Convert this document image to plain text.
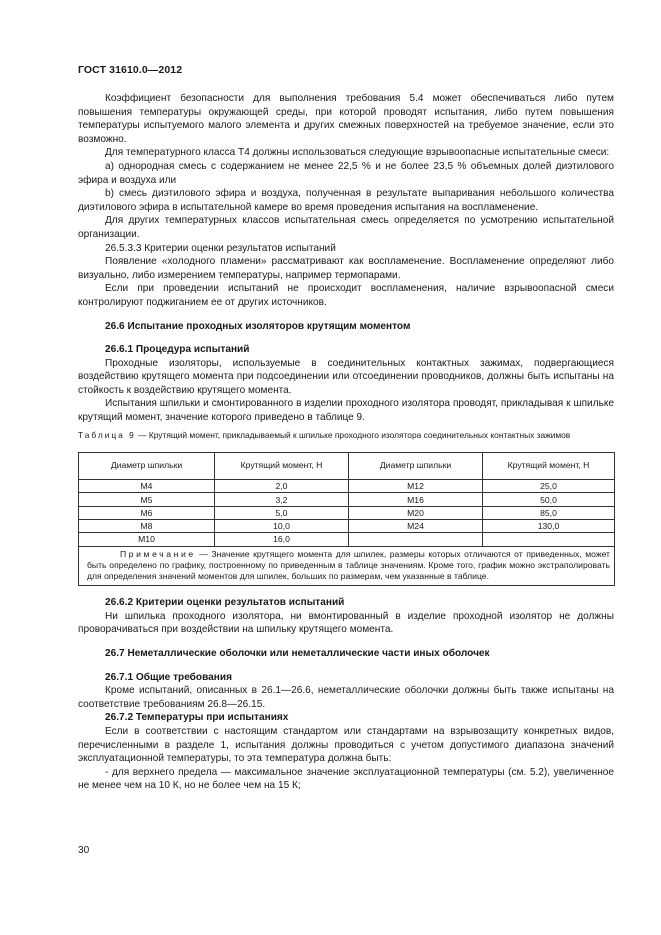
ГОСТ 31610.0—2012

Коэффициент безопасности для выполнения требования 5.4 может обеспечиваться либо путем повышения температуры окружающей среды, при которой проводят испытания, либо путем повышения температуры испытуемого малого элемента и других смежных поверхностей на требуемое значение, если это возможно.

Для температурного класса Т4 должны использоваться следующие взрывоопасные испытательные смеси:

а) однородная смесь с содержанием не менее 22,5 % и не более 23,5 % объемных долей диэтилового эфира и воздуха или

b) смесь диэтилового эфира и воздуха, полученная в результате выпаривания небольшого количества диэтилового эфира в испытательной камере во время проведения испытания на воспламенение.

Для других температурных классов испытательная смесь определяется по усмотрению испытательной организации.

26.5.3.3 Критерии оценки результатов испытаний

Появление «холодного пламени» рассматривают как воспламенение. Воспламенение определяют либо визуально, либо измерением температуры, например термопарами.

Если при проведении испытаний не происходит воспламенения, наличие взрывоопасной смеси контролируют поджиганием ее от других источников.

26.6 Испытание проходных изоляторов крутящим моментом

26.6.1 Процедура испытаний

Проходные изоляторы, используемые в соединительных контактных зажимах, подвергающиеся воздействию крутящего момента при подсоединении или отсоединении проводников, должны быть испытаны на стойкость к воздействию крутящего момента.

Испытания шпильки и смонтированного в изделии проходного изолятора проводят, прикладывая к шпильке крутящий момент, значение которого приведено в таблице 9.

Таблица 9 — Крутящий момент, прикладываемый к шпильке проходного изолятора соединительных контактных зажимов

Диаметр шпильки	Крутящий момент, Н	Диаметр шпильки	Крутящий момент, Н
М4	2,0	М12	25,0
М5	3,2	М16	50,0
М6	5,0	М20	85,0
М8	10,0	М24	130,0
М10	16,0		
Примечание — Значение крутящего момента для шпилек, размеры которых отличаются от приведенных, может быть определено по графику, построенному по приведенным в таблице значениям. Кроме того, график можно экстраполировать для определения значений моментов для шпилек, больших по размерам, чем указанные в таблице.			

26.6.2 Критерии оценки результатов испытаний

Ни шпилька проходного изолятора, ни вмонтированный в изделие проходной изолятор не должны проворачиваться при воздействии на шпильку крутящего момента.

26.7 Неметаллические оболочки или неметаллические части иных оболочек

26.7.1 Общие требования

Кроме испытаний, описанных в 26.1—26.6, неметаллические оболочки должны быть также испытаны на соответствие требованиям 26.8—26.15.

26.7.2 Температуры при испытаниях

Если в соответствии с настоящим стандартом или стандартами на взрывозащиту конкретных видов, перечисленными в разделе 1, испытания должны проводиться с учетом допустимого диапазона значений эксплуатационной температуры, то эта температура должна быть:

- для верхнего предела — максимальное значение эксплуатационной температуры (см. 5.2), увеличенное не менее чем на 10 К, но не более чем на 15 К;

30
